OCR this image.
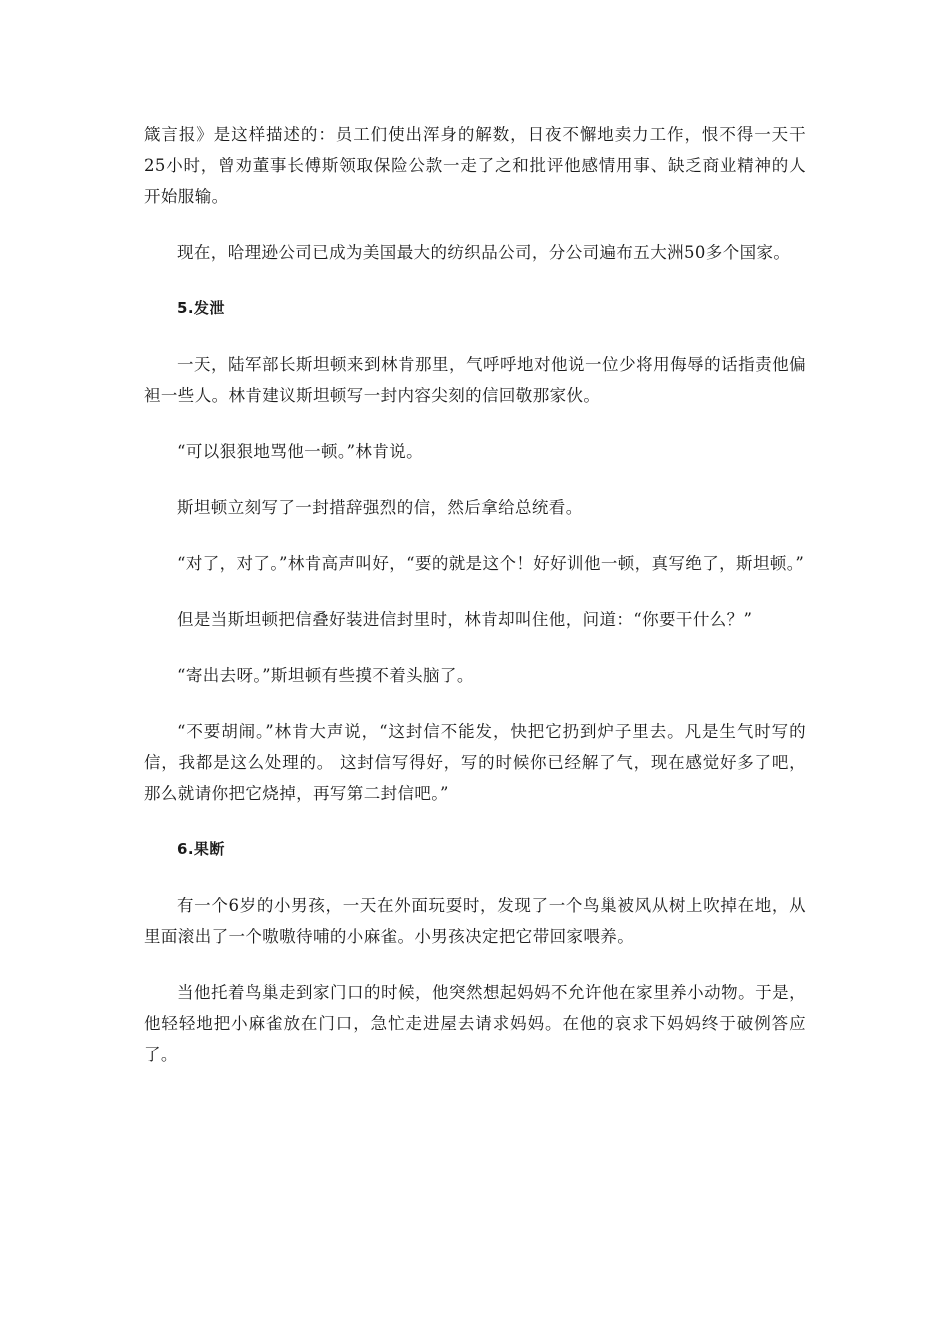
箴言报》是这样描述的：员工们使出浑身的解数，日夜不懈地卖力工作，恨不得一天干25小时，曾劝董事长傅斯领取保险公款一走了之和批评他感情用事、缺乏商业精神的人开始服输。

现在，哈理逊公司已成为美国最大的纺织品公司，分公司遍布五大洲50多个国家。

5.发泄

一天，陆军部长斯坦顿来到林肯那里，气呼呼地对他说一位少将用侮辱的话指责他偏袒一些人。林肯建议斯坦顿写一封内容尖刻的信回敬那家伙。

“可以狠狠地骂他一顿。”林肯说。

斯坦顿立刻写了一封措辞强烈的信，然后拿给总统看。

“对了，对了。”林肯高声叫好，“要的就是这个！好好训他一顿，真写绝了，斯坦顿。”

但是当斯坦顿把信叠好装进信封里时，林肯却叫住他，问道：“你要干什么？”

“寄出去呀。”斯坦顿有些摸不着头脑了。

“不要胡闹。”林肯大声说，“这封信不能发，快把它扔到炉子里去。凡是生气时写的信，我都是这么处理的。 这封信写得好，写的时候你已经解了气，现在感觉好多了吧，那么就请你把它烧掉，再写第二封信吧。”

6.果断

有一个6岁的小男孩，一天在外面玩耍时，发现了一个鸟巢被风从树上吹掉在地，从里面滚出了一个嗷嗷待哺的小麻雀。小男孩决定把它带回家喂养。

当他托着鸟巢走到家门口的时候，他突然想起妈妈不允许他在家里养小动物。于是，他轻轻地把小麻雀放在门口，急忙走进屋去请求妈妈。在他的哀求下妈妈终于破例答应了。
